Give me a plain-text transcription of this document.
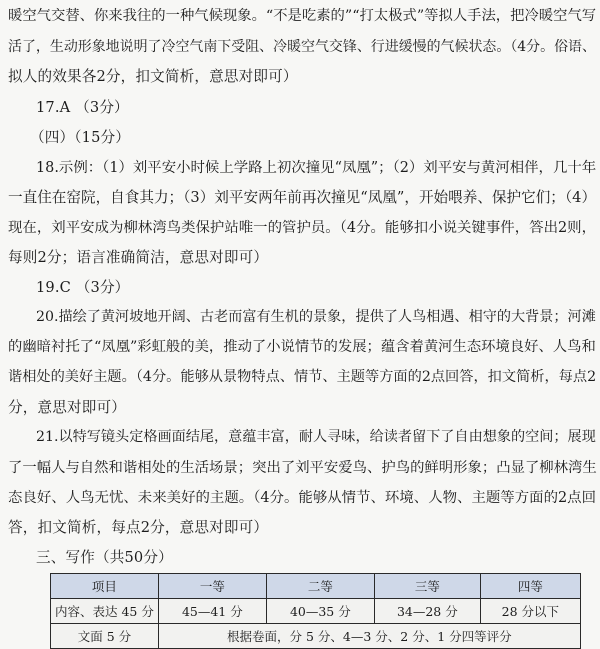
暖空气交替、你来我往的一种气候现象。“不是吃素的”“打太极式”等拟人手法，把冷暖空气写
活了，生动形象地说明了冷空气南下受阻、冷暖空气交锋、行进缓慢的气候状态。（4分。俗语、
拟人的效果各2分，扣文简析，意思对即可）
17.A （3分）
（四）（15分）
18.示例：（1）刘平安小时候上学路上初次撞见“凤凰”；（2）刘平安与黄河相伴，几十年
一直住在窑院，自食其力；（3）刘平安两年前再次撞见“凤凰”，开始喂养、保护它们；（4）
现在，刘平安成为柳林湾鸟类保护站唯一的管护员。（4分。能够扣小说关键事件，答出2则，
每则2分；语言准确简洁，意思对即可）
19.C （3分）
20.描绘了黄河坡地开阔、古老而富有生机的景象，提供了人鸟相遇、相守的大背景；河滩
的幽暗衬托了“凤凰”彩虹般的美，推动了小说情节的发展；蕴含着黄河生态环境良好、人鸟和
谐相处的美好主题。（4分。能够从景物特点、情节、主题等方面的2点回答，扣文简析，每点2
分，意思对即可）
21.以特写镜头定格画面结尾，意蕴丰富，耐人寻味，给读者留下了自由想象的空间；展现
了一幅人与自然和谐相处的生活场景；突出了刘平安爱鸟、护鸟的鲜明形象；凸显了柳林湾生
态良好、人鸟无忧、未来美好的主题。（4分。能够从情节、环境、人物、主题等方面的2点回
答，扣文简析，每点2分，意思对即可）
三、写作（共50分）
项目	一等	二等	三等	四等
内容、表达 45 分	45—41 分	40—35 分	34—28 分	28 分以下
文面 5 分	根据卷面，分 5 分、4—3 分、2 分、1 分四等评分			
